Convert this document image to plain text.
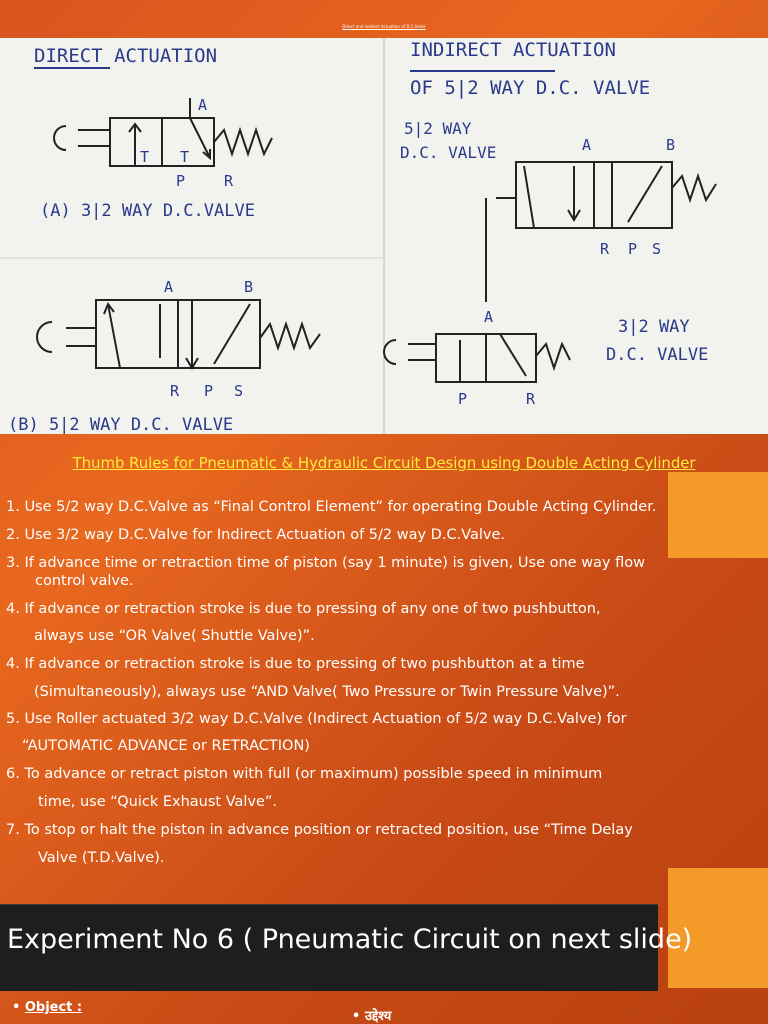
Direct and Indirect Actuation of D.C.Valve
DIRECT ACTUATION	INDIRECT ACTUATION
OF 5|2 WAY D.C. VALVE
A
T T
P	R
(A) 3|2 WAY D.C.VALVE
A	B
R P S
(B) 5|2 WAY D.C. VALVE
5|2 WAY
D.C. VALVE	A	B
R P S
A
P	R
3|2 WAY
D.C. VALVE
Thumb Rules for Pneumatic & Hydraulic Circuit Design using Double Acting Cylinder
1. Use 5/2 way D.C.Valve as “Final Control Element” for operating Double Acting Cylinder.
2. Use 3/2 way D.C.Valve for Indirect Actuation of 5/2 way D.C.Valve.
3. If advance time or retraction time of piston (say 1 minute) is given, Use one way flow
control valve.
4. If advance or retraction stroke is due to pressing of any one of two pushbutton,
always use “OR Valve( Shuttle Valve)”.
4. If advance or retraction stroke is due to pressing of two pushbutton at a time
(Simultaneously), always use “AND Valve( Two Pressure or Twin Pressure Valve)”.
5. Use Roller actuated 3/2 way D.C.Valve (Indirect Actuation of 5/2 way D.C.Valve) for
“AUTOMATIC ADVANCE or RETRACTION)
6. To advance or retract piston with full (or maximum) possible speed in minimum
time, use “Quick Exhaust Valve”.
7. To stop or halt the piston in advance position or retracted position, use “Time Delay
Valve (T.D.Valve).
Experiment No 6 ( Pneumatic Circuit on next slide)
• Object :
• उद्देश्य
